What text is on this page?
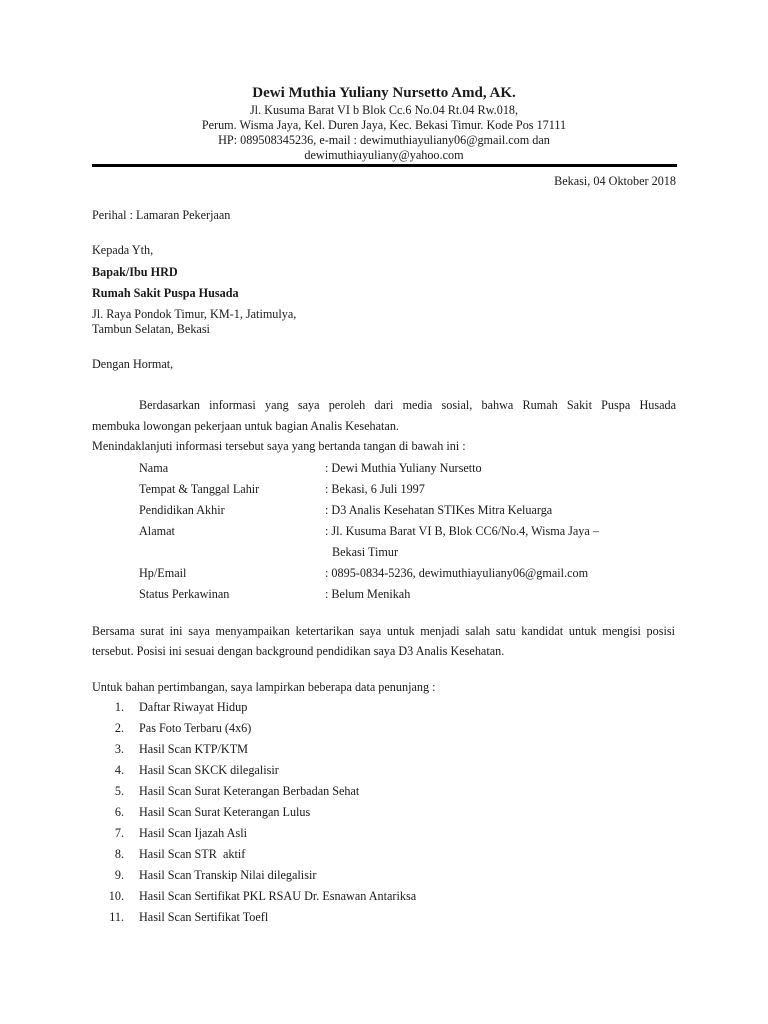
Dewi Muthia Yuliany Nursetto Amd, AK.
Jl. Kusuma Barat VI b Blok Cc.6 No.04 Rt.04 Rw.018,
Perum. Wisma Jaya, Kel. Duren Jaya, Kec. Bekasi Timur. Kode Pos 17111
HP: 089508345236, e-mail : dewimuthiayuliany06@gmail.com dan
dewimuthiayuliany@yahoo.com
Bekasi, 04 Oktober 2018
Perihal : Lamaran Pekerjaan
Kepada Yth,
Bapak/Ibu HRD
Rumah Sakit Puspa Husada
Jl. Raya Pondok Timur, KM-1, Jatimulya,
Tambun Selatan, Bekasi
Dengan Hormat,
Berdasarkan informasi yang saya peroleh dari media sosial, bahwa Rumah Sakit Puspa Husada
membuka lowongan pekerjaan untuk bagian Analis Kesehatan.
Menindaklanjuti informasi tersebut saya yang bertanda tangan di bawah ini :
Nama	: Dewi Muthia Yuliany Nursetto
Tempat & Tanggal Lahir	: Bekasi, 6 Juli 1997
Pendidikan Akhir	: D3 Analis Kesehatan STIKes Mitra Keluarga
Alamat	: Jl. Kusuma Barat VI B, Blok CC6/No.4, Wisma Jaya –
Bekasi Timur
Hp/Email	: 0895-0834-5236, dewimuthiayuliany06@gmail.com
Status Perkawinan	: Belum Menikah
Bersama surat ini saya menyampaikan ketertarikan saya untuk menjadi salah satu kandidat untuk mengisi posisi
tersebut. Posisi ini sesuai dengan background pendidikan saya D3 Analis Kesehatan.
Untuk bahan pertimbangan, saya lampirkan beberapa data penunjang :
1. Daftar Riwayat Hidup
2. Pas Foto Terbaru (4x6)
3. Hasil Scan KTP/KTM
4. Hasil Scan SKCK dilegalisir
5. Hasil Scan Surat Keterangan Berbadan Sehat
6. Hasil Scan Surat Keterangan Lulus
7. Hasil Scan Ijazah Asli
8. Hasil Scan STR  aktif
9. Hasil Scan Transkip Nilai dilegalisir
10. Hasil Scan Sertifikat PKL RSAU Dr. Esnawan Antariksa
11. Hasil Scan Sertifikat Toefl
